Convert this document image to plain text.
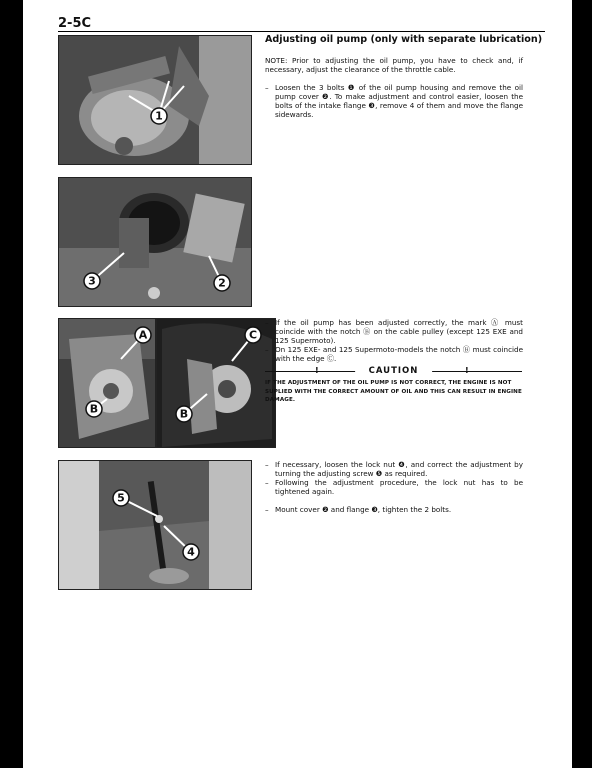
2-5C
1
3	2
A
B
C
B
5
4
Adjusting oil pump (only with separate lubrication)
NOTE: Prior to adjusting the oil pump, you have to check and, if necessary, adjust the clearance of the throttle cable.
– Loosen the 3 bolts ❶ of the oil pump housing and remove the oil pump cover ❷. To make adjustment and control easier, loosen the bolts of the intake flange ❸, remove 4 of them and move the flange sidewards.
– If the oil pump has been adjusted correctly, the mark Ⓐ must coincide with the notch Ⓑ on the cable pulley (except 125 EXE and 125 Supermoto).
– On 125 EXE- and 125 Supermoto-models the notch Ⓑ must coincide with the edge Ⓒ.
!	CAUTION	!
IF THE ADJUSTMENT OF THE OIL PUMP IS NOT CORRECT, THE ENGINE IS NOT SUPLIED WITH THE CORRECT AMOUNT OF OIL AND THIS CAN RESULT IN ENGINE DAMAGE.
– If necessary, loosen the lock nut ❹, and correct the adjustment by turning the adjusting screw ❺ as required.
– Following the adjustment procedure, the lock nut has to be tightened again.
– Mount cover ❷ and flange ❸, tighten the 2 bolts.
